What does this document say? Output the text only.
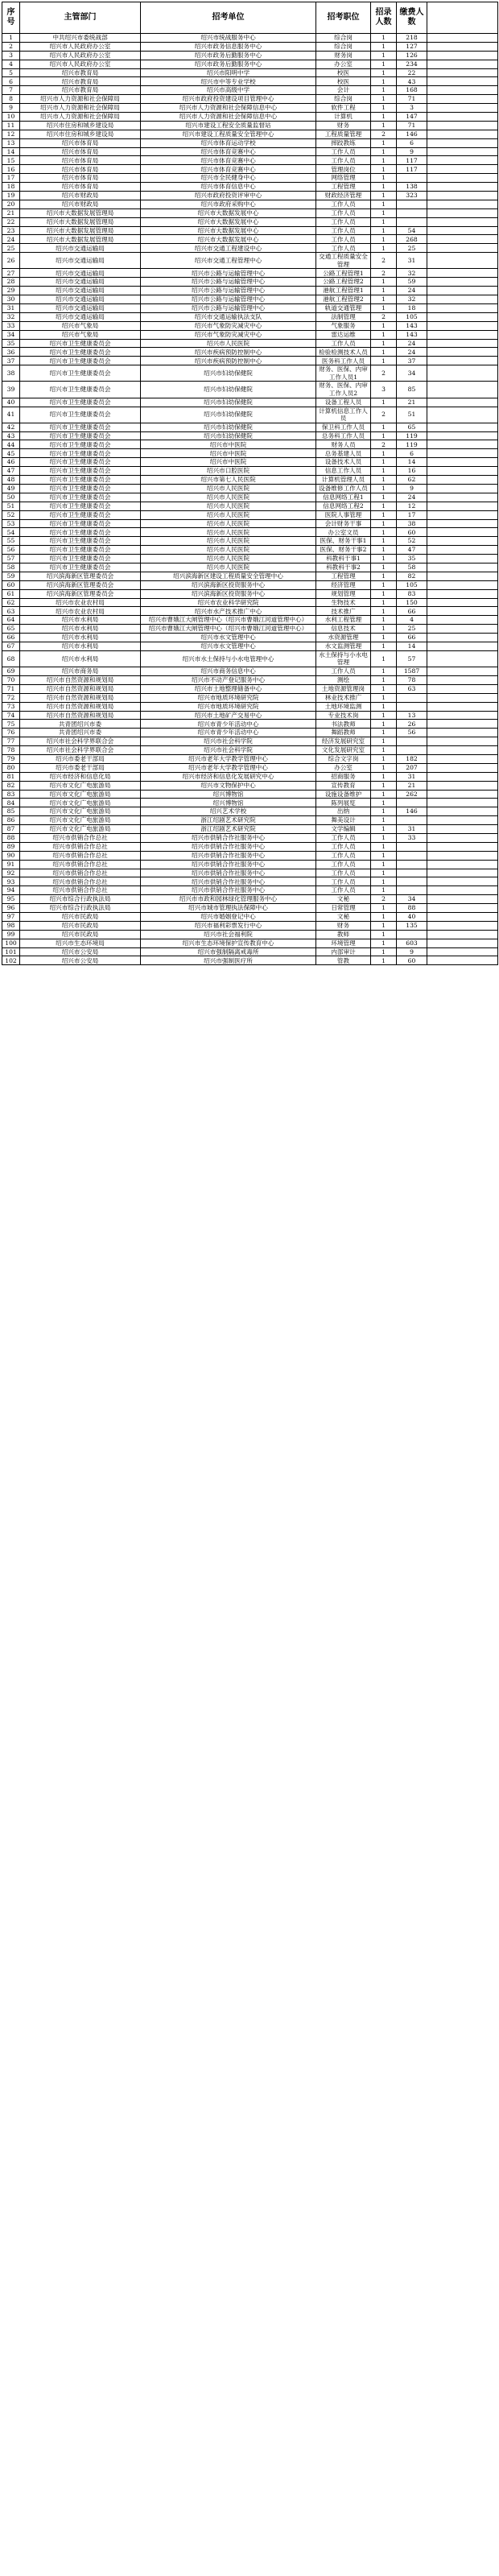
序号	主管部门	招考单位	招考职位	招录人数	缴费人数	
1	中共绍兴市委统战部	绍兴市统战服务中心	综合岗	1	218	
2	绍兴市人民政府办公室	绍兴市政务信息服务中心	综合岗	1	127	
3	绍兴市人民政府办公室	绍兴市政务后勤服务中心	财务岗	1	126	
4	绍兴市人民政府办公室	绍兴市政务后勤服务中心	办公室	1	234	
5	绍兴市教育局	绍兴市阳明中学	校医	1	22	
6	绍兴市教育局	绍兴市中等专业学校	校医	1	43	
7	绍兴市教育局	绍兴市高级中学	会计	1	168	
8	绍兴市人力资源和社会保障局	绍兴市政府投资建设项目管理中心	综合岗	1	71	
9	绍兴市人力资源和社会保障局	绍兴市人力资源和社会保障信息中心	软件工程	1	3	
10	绍兴市人力资源和社会保障局	绍兴市人力资源和社会保障信息中心	计算机	1	147	
11	绍兴市住房和城乡建设局	绍兴市建设工程安全质量监督站	财务	1	71	
12	绍兴市住房和城乡建设局	绍兴市建设工程质量安全管理中心	工程质量管理	2	146	
13	绍兴市体育局	绍兴市体育运动学校	摔跤教练	1	6	
14	绍兴市体育局	绍兴市体育竞赛中心	工作人员	1	9	
15	绍兴市体育局	绍兴市体育竞赛中心	工作人员	1	117	
16	绍兴市体育局	绍兴市体育竞赛中心	管理岗位	1	117	
17	绍兴市体育局	绍兴市全民健身中心	网络管理	1		
18	绍兴市体育局	绍兴市体育信息中心	工程管理	1	138	
19	绍兴市财政局	绍兴市政府投资评审中心	财政经济管理	1	323	
20	绍兴市财政局	绍兴市政府采购中心	工作人员	1		
21	绍兴市大数据发展管理局	绍兴市大数据发展中心	工作人员	1		
22	绍兴市大数据发展管理局	绍兴市大数据发展中心	工作人员	1		
23	绍兴市大数据发展管理局	绍兴市大数据发展中心	工作人员	1	54	
24	绍兴市大数据发展管理局	绍兴市大数据发展中心	工作人员	1	268	
25	绍兴市交通运输局	绍兴市交通工程建设中心	工作人员	1	25	
26	绍兴市交通运输局	绍兴市交通工程管理中心	交通工程质量安全管理	2	31	
27	绍兴市交通运输局	绍兴市公路与运输管理中心	公路工程管理1	2	32	
28	绍兴市交通运输局	绍兴市公路与运输管理中心	公路工程管理2	1	59	
29	绍兴市交通运输局	绍兴市公路与运输管理中心	港航工程管理1	1	24	
30	绍兴市交通运输局	绍兴市公路与运输管理中心	港航工程管理2	1	32	
31	绍兴市交通运输局	绍兴市公路与运输管理中心	轨道交通管理	1	18	
32	绍兴市交通运输局	绍兴市交通运输执法支队	法制管理	2	105	
33	绍兴市气象局	绍兴市气象防灾减灾中心	气象服务	1	143	
34	绍兴市气象局	绍兴市气象防灾减灾中心	雷达运维	1	143	
35	绍兴市卫生健康委员会	绍兴市人民医院	工作人员	1	24	
36	绍兴市卫生健康委员会	绍兴市疾病预防控制中心	检验检测技术人员	1	24	
37	绍兴市卫生健康委员会	绍兴市疾病预防控制中心	医务科工作人员	1	37	
38	绍兴市卫生健康委员会	绍兴市妇幼保健院	财务、医保、内审工作人员1	2	34	
39	绍兴市卫生健康委员会	绍兴市妇幼保健院	财务、医保、内审工作人员2	3	85	
40	绍兴市卫生健康委员会	绍兴市妇幼保健院	设备工程人员	1	21	
41	绍兴市卫生健康委员会	绍兴市妇幼保健院	计算机信息工作人员	2	51	
42	绍兴市卫生健康委员会	绍兴市妇幼保健院	保卫科工作人员	1	65	
43	绍兴市卫生健康委员会	绍兴市妇幼保健院	总务科工作人员	1	119	
44	绍兴市卫生健康委员会	绍兴市中医院	财务人员	2	119	
45	绍兴市卫生健康委员会	绍兴市中医院	总务基建人员	1	6	
46	绍兴市卫生健康委员会	绍兴市中医院	设备技术人员	1	14	
47	绍兴市卫生健康委员会	绍兴市口腔医院	信息工作人员	1	16	
48	绍兴市卫生健康委员会	绍兴市第七人民医院	计算机管理人员	1	62	
49	绍兴市卫生健康委员会	绍兴市人民医院	设备维修工作人员	1	9	
50	绍兴市卫生健康委员会	绍兴市人民医院	信息网络工程1	1	24	
51	绍兴市卫生健康委员会	绍兴市人民医院	信息网络工程2	1	12	
52	绍兴市卫生健康委员会	绍兴市人民医院	医院人事管理	1	17	
53	绍兴市卫生健康委员会	绍兴市人民医院	会计财务干事	1	38	
54	绍兴市卫生健康委员会	绍兴市人民医院	办公室文员	1	60	
55	绍兴市卫生健康委员会	绍兴市人民医院	医保、财务干事1	1	52	
56	绍兴市卫生健康委员会	绍兴市人民医院	医保、财务干事2	1	47	
57	绍兴市卫生健康委员会	绍兴市人民医院	科教科干事1	1	35	
58	绍兴市卫生健康委员会	绍兴市人民医院	科教科干事2	1	58	
59	绍兴滨海新区管理委员会	绍兴滨海新区建设工程质量安全管理中心	工程管理	1	82	
60	绍兴滨海新区管理委员会	绍兴滨海新区投资服务中心	经济管理	1	105	
61	绍兴滨海新区管理委员会	绍兴滨海新区投资服务中心	规划管理	1	83	
62	绍兴市农业农村局	绍兴市农业科学研究院	生物技术	1	150	
63	绍兴市农业农村局	绍兴市水产技术推广中心	技术推广	1	66	
64	绍兴市水利局	绍兴市曹娥江大闸管理中心（绍兴市曹娥江河道管理中心）	水利工程管理	1	4	
65	绍兴市水利局	绍兴市曹娥江大闸管理中心（绍兴市曹娥江河道管理中心）	信息技术	1	25	
66	绍兴市水利局	绍兴市水文管理中心	水资源管理	1	66	
67	绍兴市水利局	绍兴市水文管理中心	水文监测管理	1	14	
68	绍兴市水利局	绍兴市水土保持与小水电管理中心	水土保持与小水电管理	1	57	
69	绍兴市商务局	绍兴市商务信息中心	工作人员	1	1587	
70	绍兴市自然资源和规划局	绍兴市不动产登记服务中心	测绘	1	78	
71	绍兴市自然资源和规划局	绍兴市土地整理储备中心	土地资源管理岗	1	63	
72	绍兴市自然资源和规划局	绍兴市地质环境研究院	林业技术推广	1		
73	绍兴市自然资源和规划局	绍兴市地质环境研究院	土地环境监测	1		
74	绍兴市自然资源和规划局	绍兴市土地矿产交易中心	专业技术岗	1	13	
75	共青团绍兴市委	绍兴市青少年活动中心	书法教师	1	26	
76	共青团绍兴市委	绍兴市青少年活动中心	舞蹈教师	1	56	
77	绍兴市社会科学界联合会	绍兴市社会科学院	经济发展研究室	1		
78	绍兴市社会科学界联合会	绍兴市社会科学院	文化发展研究室	1		
79	绍兴市委老干部局	绍兴市老年大学教学管理中心	综合文字岗	1	182	
80	绍兴市委老干部局	绍兴市老年大学教学管理中心	办公室	1	207	
81	绍兴市经济和信息化局	绍兴市经济和信息化发展研究中心	招商服务	1	31	
82	绍兴市文化广电旅游局	绍兴市文物保护中心	宣传教育	1	21	
83	绍兴市文化广电旅游局	绍兴博物馆	设施设备维护	1	262	
84	绍兴市文化广电旅游局	绍兴博物馆	陈列展览	1		
85	绍兴市文化广电旅游局	绍兴艺术学校	出纳	1	146	
86	绍兴市文化广电旅游局	浙江绍剧艺术研究院	舞美设计	1		
87	绍兴市文化广电旅游局	浙江绍剧艺术研究院	文学编辑	1	31	
88	绍兴市供销合作总社	绍兴市供销合作社服务中心	工作人员	1	33	
89	绍兴市供销合作总社	绍兴市供销合作社服务中心	工作人员	1		
90	绍兴市供销合作总社	绍兴市供销合作社服务中心	工作人员	1		
91	绍兴市供销合作总社	绍兴市供销合作社服务中心	工作人员	1		
92	绍兴市供销合作总社	绍兴市供销合作社服务中心	工作人员	1		
93	绍兴市供销合作总社	绍兴市供销合作社服务中心	工作人员	1		
94	绍兴市供销合作总社	绍兴市供销合作社服务中心	工作人员	1		
95	绍兴市综合行政执法局	绍兴市市政和园林绿化管理服务中心	文秘	2	34	
96	绍兴市综合行政执法局	绍兴市城市管理执法保障中心	日常管理	1	88	
97	绍兴市民政局	绍兴市婚姻登记中心	文秘	1	40	
98	绍兴市民政局	绍兴市福利彩票发行中心	财务	1	135	
99	绍兴市民政局	绍兴市社会福利院	教师	1		
100	绍兴市生态环境局	绍兴市生态环境保护宣传教育中心	环境管理	1	603	
101	绍兴市公安局	绍兴市强制隔离戒毒所	内部审计	1	9	
102	绍兴市公安局	绍兴市强制医疗所	管教	1	60	
